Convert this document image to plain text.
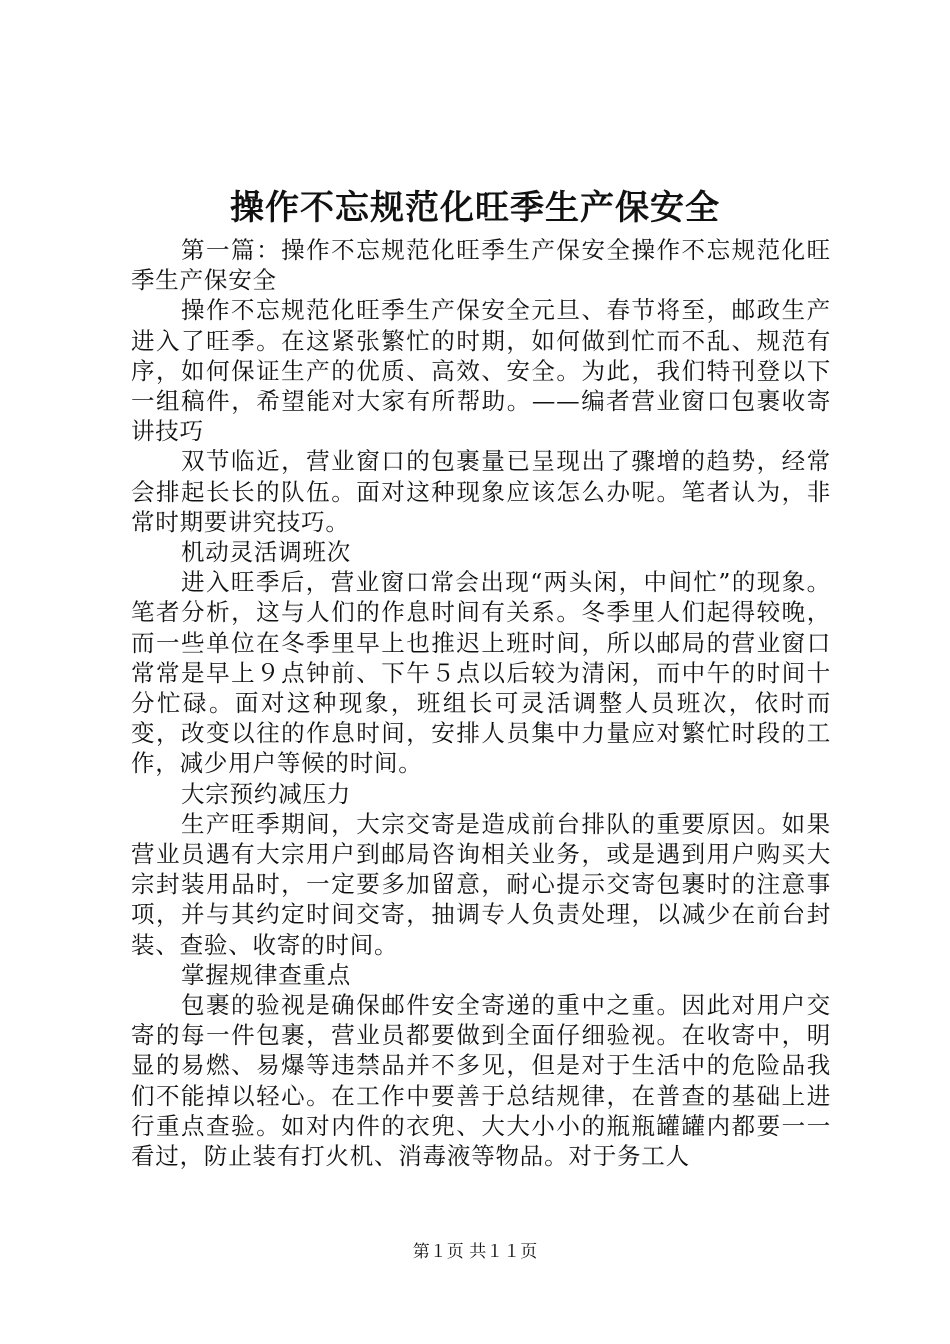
操作不忘规范化旺季生产保安全

第一篇：操作不忘规范化旺季生产保安全操作不忘规范化旺季生产保安全

操作不忘规范化旺季生产保安全元旦、春节将至，邮政生产进入了旺季。在这紧张繁忙的时期，如何做到忙而不乱、规范有序，如何保证生产的优质、高效、安全。为此，我们特刊登以下一组稿件，希望能对大家有所帮助。——编者营业窗口包裹收寄讲技巧

双节临近，营业窗口的包裹量已呈现出了骤增的趋势，经常会排起长长的队伍。面对这种现象应该怎么办呢。笔者认为，非常时期要讲究技巧。

机动灵活调班次

进入旺季后，营业窗口常会出现“两头闲，中间忙”的现象。笔者分析，这与人们的作息时间有关系。冬季里人们起得较晚，而一些单位在冬季里早上也推迟上班时间，所以邮局的营业窗口常常是早上９点钟前、下午５点以后较为清闲，而中午的时间十分忙碌。面对这种现象，班组长可灵活调整人员班次，依时而变，改变以往的作息时间，安排人员集中力量应对繁忙时段的工作，减少用户等候的时间。

大宗预约减压力

生产旺季期间，大宗交寄是造成前台排队的重要原因。如果营业员遇有大宗用户到邮局咨询相关业务，或是遇到用户购买大宗封装用品时，一定要多加留意，耐心提示交寄包裹时的注意事项，并与其约定时间交寄，抽调专人负责处理，以减少在前台封装、查验、收寄的时间。

掌握规律查重点

包裹的验视是确保邮件安全寄递的重中之重。因此对用户交寄的每一件包裹，营业员都要做到全面仔细验视。在收寄中，明显的易燃、易爆等违禁品并不多见，但是对于生活中的危险品我们不能掉以轻心。在工作中要善于总结规律，在普查的基础上进行重点查验。如对内件的衣兜、大大小小的瓶瓶罐罐内都要一一看过，防止装有打火机、消毒液等物品。对于务工人

第１页 共１１页
